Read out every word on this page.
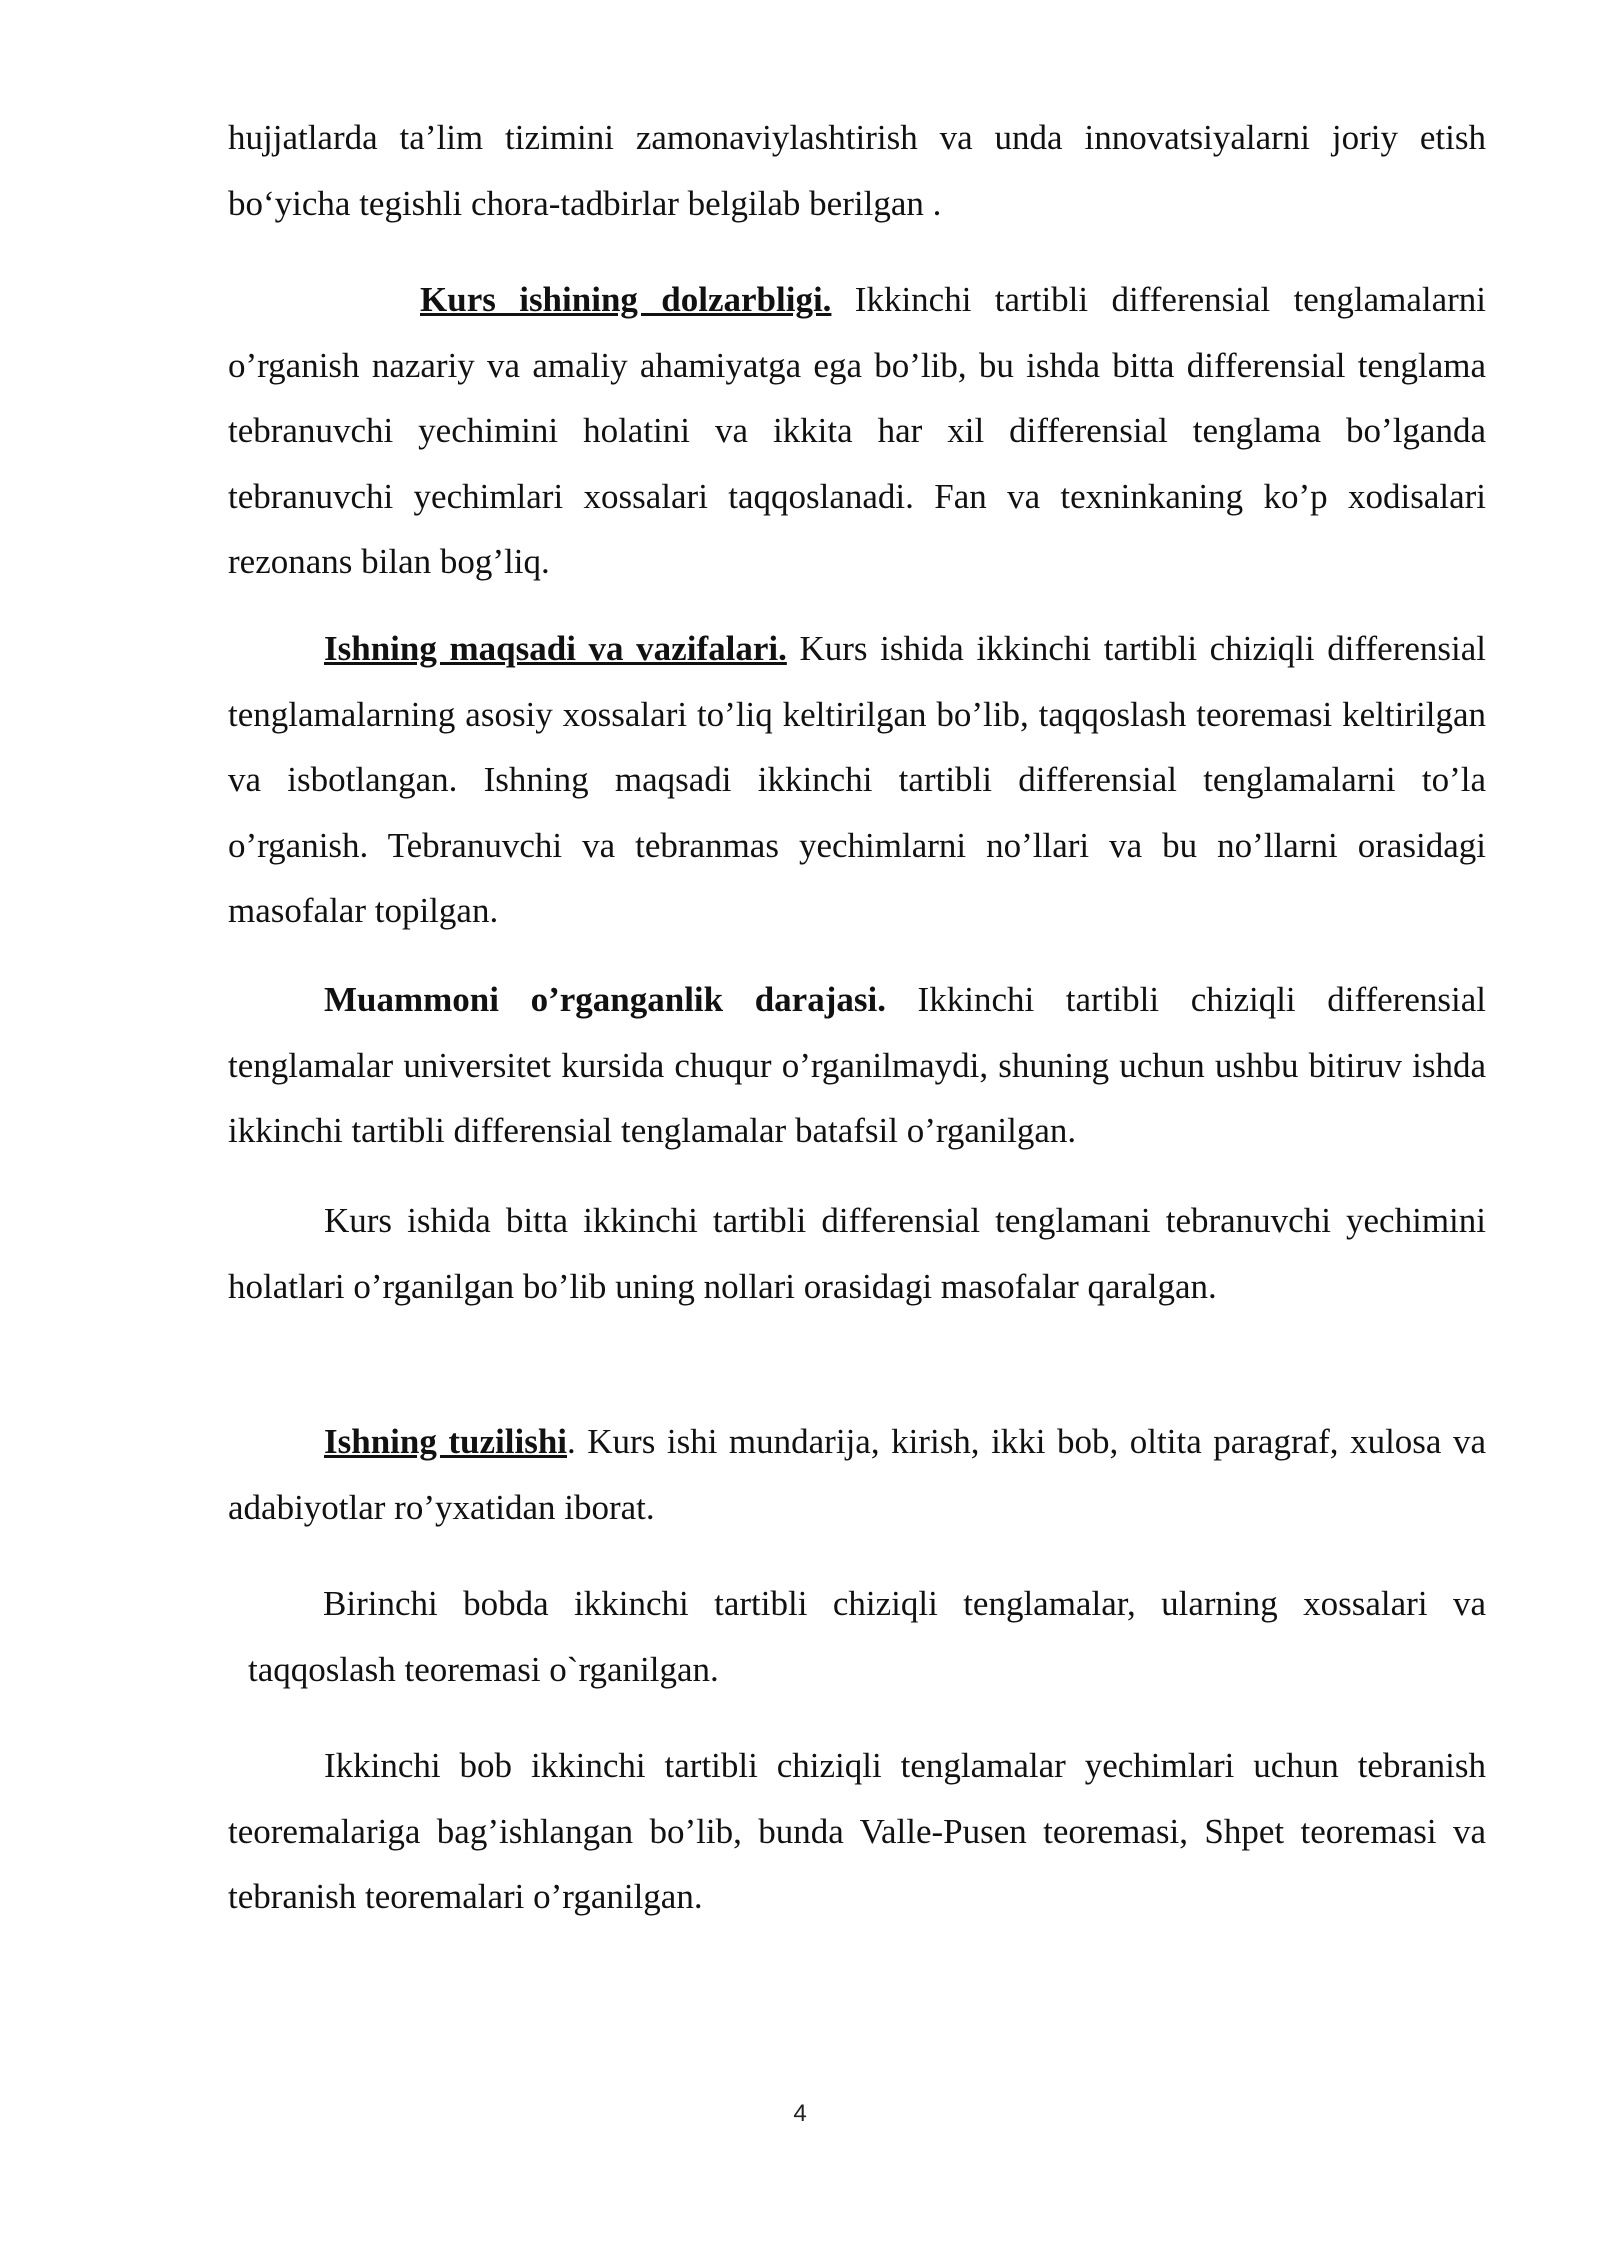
hujjatlarda ta’lim tizimini zamonaviylashtirish va unda innovatsiyalarni joriy etish bo‘yicha tegishli chora-tadbirlar belgilab berilgan .

Kurs ishining dolzarbligi. Ikkinchi tartibli differensial tenglamalarni o’rganish nazariy va amaliy ahamiyatga ega bo’lib, bu ishda bitta differensial tenglama tebranuvchi yechimini holatini va ikkita har xil differensial tenglama bo’lganda tebranuvchi yechimlari xossalari taqqoslanadi. Fan va texninkaning ko’p xodisalari rezonans bilan bog’liq.

Ishning maqsadi va vazifalari. Kurs ishida ikkinchi tartibli chiziqli differensial tenglamalarning asosiy xossalari to’liq keltirilgan bo’lib, taqqoslash teoremasi keltirilgan va isbotlangan. Ishning maqsadi ikkinchi tartibli differensial tenglamalarni to’la o’rganish. Tebranuvchi va tebranmas yechimlarni no’llari va bu no’llarni orasidagi masofalar topilgan.

Muammoni o’rganganlik darajasi. Ikkinchi tartibli chiziqli differensial tenglamalar universitet kursida chuqur o’rganilmaydi, shuning uchun ushbu bitiruv ishda ikkinchi tartibli differensial tenglamalar batafsil o’rganilgan.

Kurs ishida bitta ikkinchi tartibli differensial tenglamani tebranuvchi yechimini holatlari o’rganilgan bo’lib uning nollari orasidagi masofalar qaralgan.

Ishning tuzilishi. Kurs ishi mundarija, kirish, ikki bob, oltita paragraf, xulosa va adabiyotlar ro’yxatidan iborat.

Birinchi bobda ikkinchi tartibli chiziqli tenglamalar, ularning xossalari va taqqoslash teoremasi o`rganilgan.

Ikkinchi bob ikkinchi tartibli chiziqli tenglamalar yechimlari uchun tebranish teoremalariga bag’ishlangan bo’lib, bunda Valle-Pusen teoremasi, Shpet teoremasi va tebranish teoremalari o’rganilgan.

4
